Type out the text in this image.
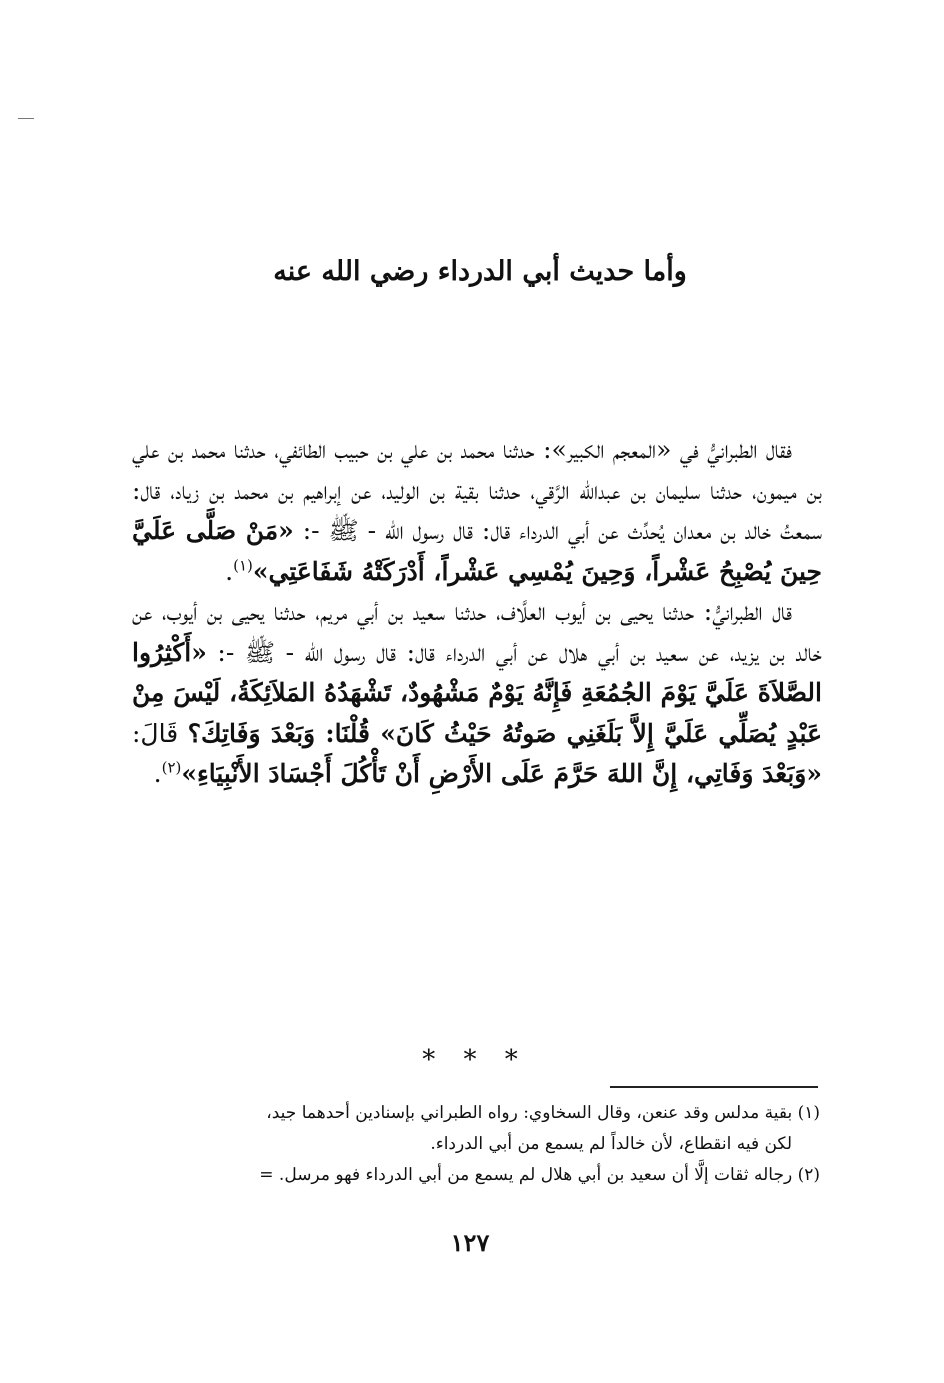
وأما حديث أبي الدرداء رضي الله عنه

فقال الطبرانيُّ في «المعجم الكبير»: حدثنا محمد بن علي بن حبيب الطائفي، حدثنا محمد بن علي بن ميمون، حدثنا سليمان بن عبدالله الرَّقي، حدثنا بقية بن الوليد، عن إبراهيم بن محمد بن زياد، قال: سمعتُ خالد بن معدان يُحدِّث عن أبي الدرداء قال: قال رسول الله - ﷺ -: «مَنْ صَلَّى عَلَيَّ حِينَ يُصْبِحُ عَشْراً، وَحِينَ يُمْسِي عَشْراً، أَدْرَكَتْهُ شَفَاعَتِي»$^{(١)}$.

قال الطبرانيُّ: حدثنا يحيى بن أيوب العلَّاف، حدثنا سعيد بن أبي مريم، حدثنا يحيى بن أيوب، عن خالد بن يزيد، عن سعيد بن أبي هلال عن أبي الدرداء قال: قال رسول الله - ﷺ -: «أَكْثِرُوا الصَّلاَةَ عَلَيَّ يَوْمَ الجُمُعَةِ فَإِنَّهُ يَوْمٌ مَشْهُودٌ، تَشْهَدُهُ المَلاَئِكَةُ، لَيْسَ مِنْ عَبْدٍ يُصَلِّي عَلَيَّ إِلاَّ بَلَغَنِي صَوتُهُ حَيْثُ كَانَ» قُلْنَا: وَبَعْدَ وَفَاتِكَ؟ قَالَ: «وَبَعْدَ وَفَاتِي، إِنَّ اللهَ حَرَّمَ عَلَى الأَرْضِ أَنْ تَأْكُلَ أَجْسَادَ الأَنْبِيَاءِ»$^{(٢)}$.

* * *

(١) بقية مدلس وقد عنعن، وقال السخاوي: رواه الطبراني بإسنادين أحدهما جيد،

لكن فيه انقطاع، لأن خالداً لم يسمع من أبي الدرداء.

(٢) رجاله ثقات إلَّا أن سعيد بن أبي هلال لم يسمع من أبي الدرداء فهو مرسل. =

١٢٧
